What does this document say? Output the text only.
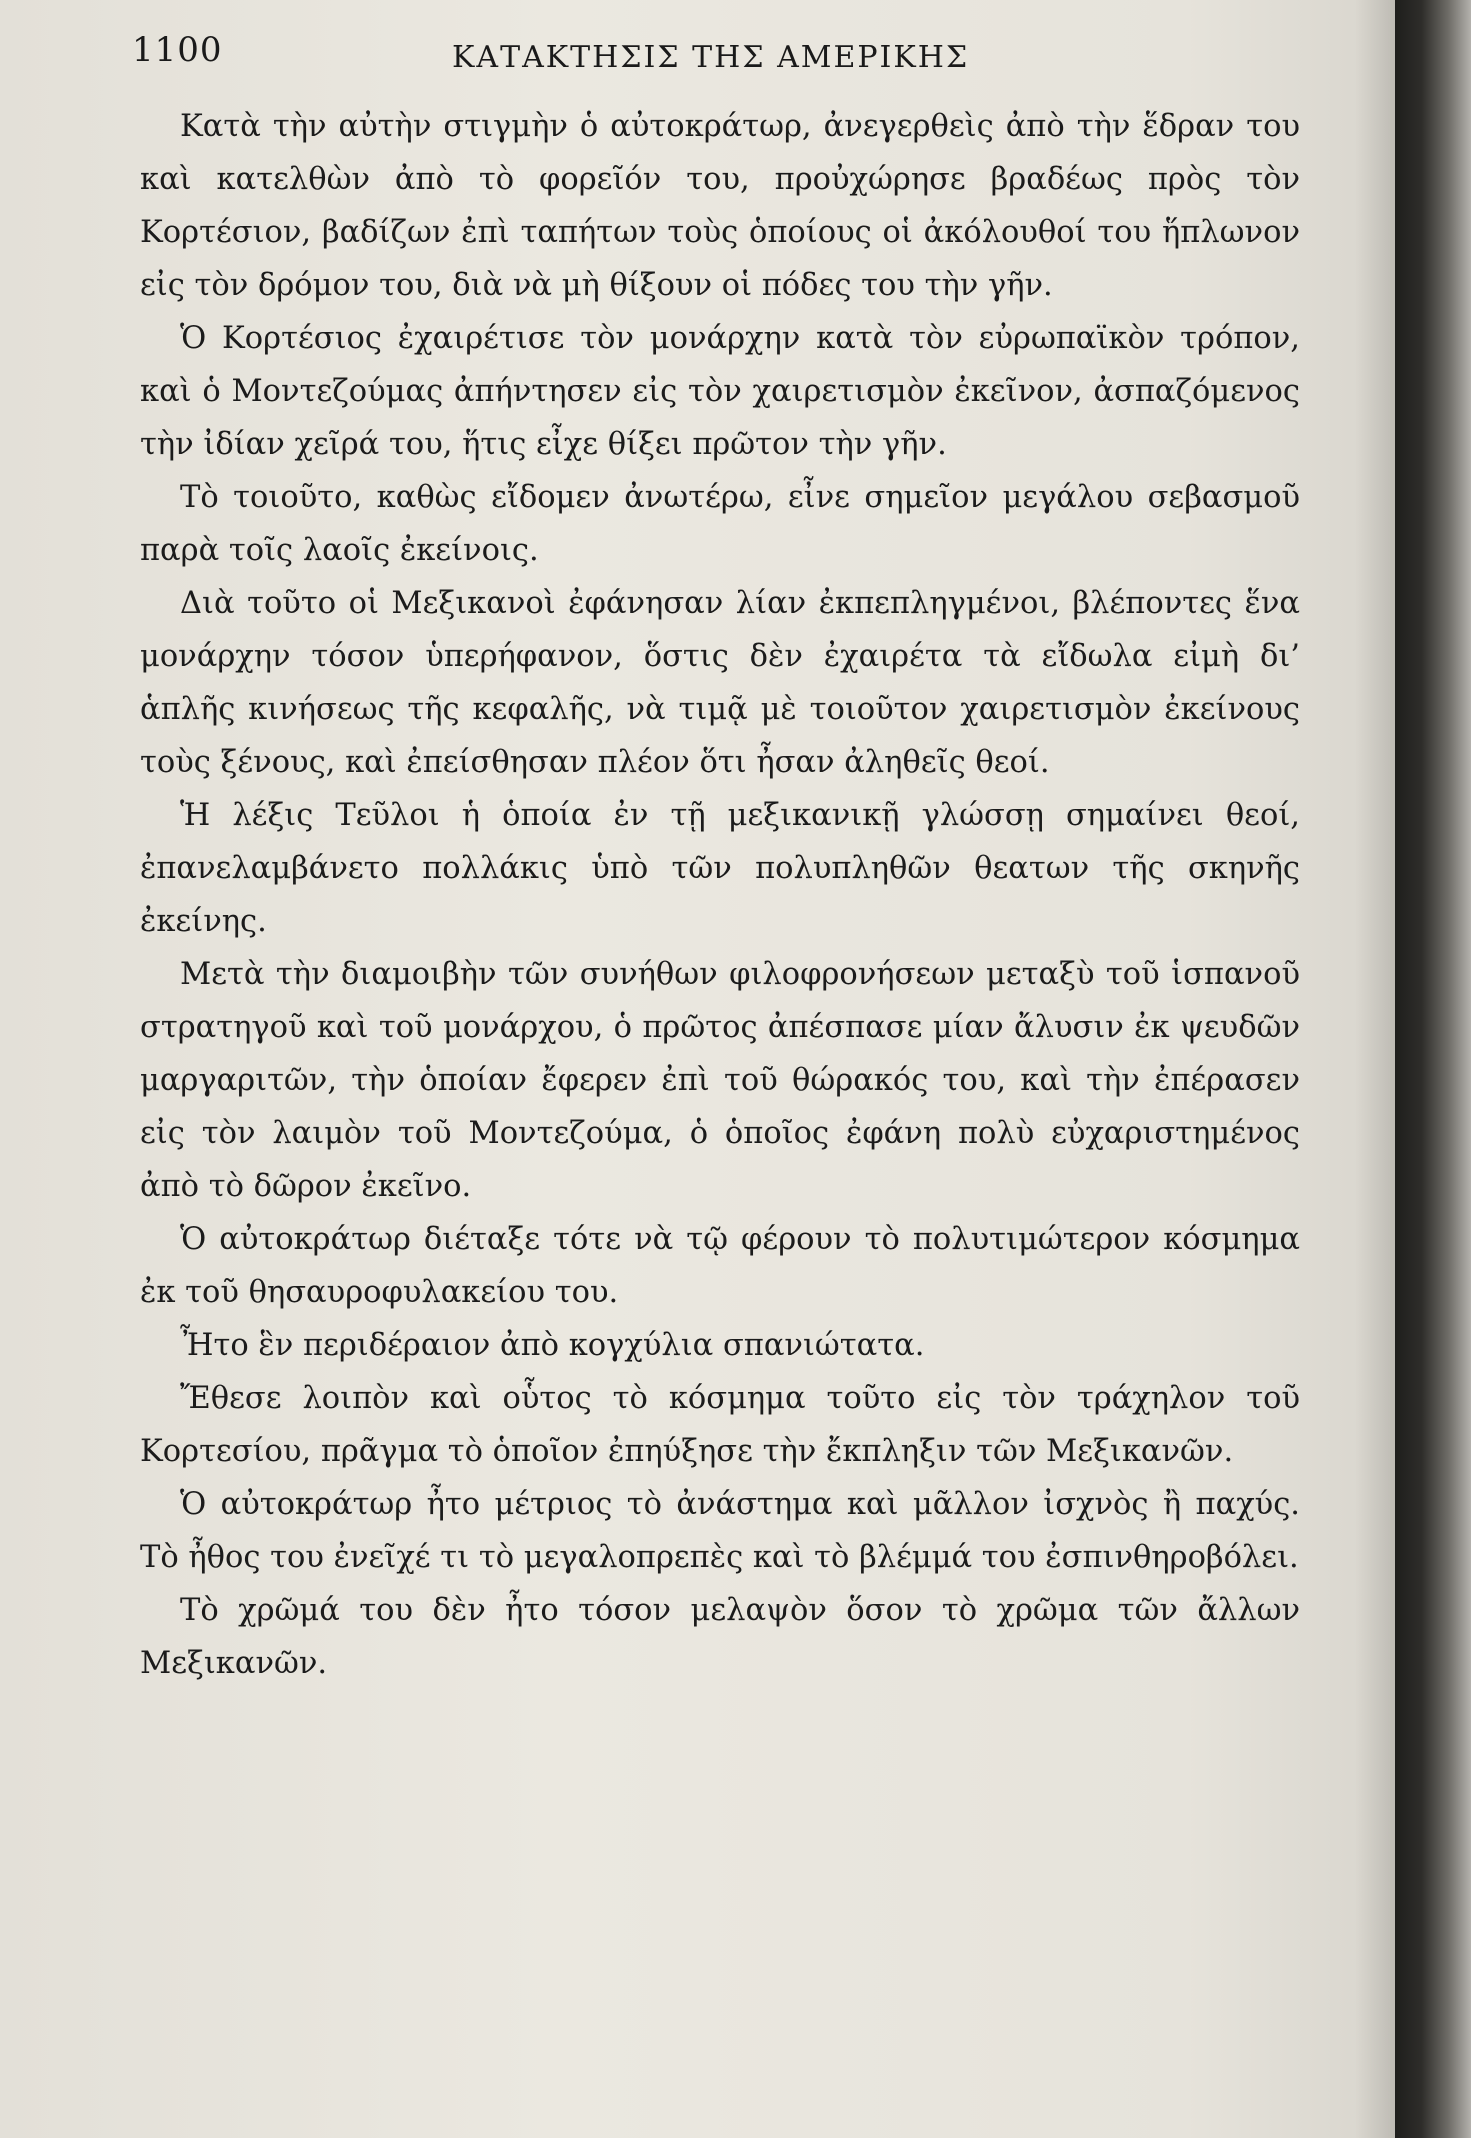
1100	ΚΑΤΑΚΤΗΣΙΣ ΤΗΣ ΑΜΕΡΙΚΗΣ

Κατὰ τὴν αὐτὴν στιγμὴν ὁ αὐτοκράτωρ, ἀνεγερθεὶς ἀπὸ τὴν ἕδραν του καὶ κατελθὼν ἀπὸ τὸ φορεῖόν του, προὐχώρησε βραδέως πρὸς τὸν Κορτέσιον, βαδίζων ἐπὶ ταπήτων τοὺς ὁποίους οἱ ἀκόλουθοί του ἥπλωνον εἰς τὸν δρόμον του, διὰ νὰ μὴ θίξουν οἱ πόδες του τὴν γῆν.

Ὁ Κορτέσιος ἐχαιρέτισε τὸν μονάρχην κατὰ τὸν εὐρωπαϊκὸν τρόπον, καὶ ὁ Μοντεζούμας ἀπήντησεν εἰς τὸν χαιρετισμὸν ἐκεῖνον, ἀσπαζόμενος τὴν ἰδίαν χεῖρά του, ἥτις εἶχε θίξει πρῶτον τὴν γῆν.

Τὸ τοιοῦτο, καθὼς εἴδομεν ἀνωτέρω, εἶνε σημεῖον μεγάλου σεβασμοῦ παρὰ τοῖς λαοῖς ἐκείνοις.

Διὰ τοῦτο οἱ Μεξικανοὶ ἐφάνησαν λίαν ἐκπεπληγμένοι, βλέποντες ἕνα μονάρχην τόσον ὑπερήφανον, ὅστις δὲν ἐχαιρέτα τὰ εἴδωλα εἰμὴ δι’ ἁπλῆς κινήσεως τῆς κεφαλῆς, νὰ τιμᾷ μὲ τοιοῦτον χαιρετισμὸν ἐκείνους τοὺς ξένους, καὶ ἐπείσθησαν πλέον ὅτι ἦσαν ἀληθεῖς θεοί.

Ἡ λέξις Τεῦλοι ἡ ὁποία ἐν τῇ μεξικανικῇ γλώσσῃ σημαίνει θεοί, ἐπανελαμβάνετο πολλάκις ὑπὸ τῶν πολυπληθῶν θεατων τῆς σκηνῆς ἐκείνης.

Μετὰ τὴν διαμοιβὴν τῶν συνήθων φιλοφρονήσεων μεταξὺ τοῦ ἱσπανοῦ στρατηγοῦ καὶ τοῦ μονάρχου, ὁ πρῶτος ἀπέσπασε μίαν ἄλυσιν ἐκ ψευδῶν μαργαριτῶν, τὴν ὁποίαν ἔφερεν ἐπὶ τοῦ θώρακός του, καὶ τὴν ἐπέρασεν εἰς τὸν λαιμὸν τοῦ Μοντεζούμα, ὁ ὁποῖος ἐφάνη πολὺ εὐχαριστημένος ἀπὸ τὸ δῶρον ἐκεῖνο.

Ὁ αὐτοκράτωρ διέταξε τότε νὰ τῷ φέρουν τὸ πολυτιμώτερον κόσμημα ἐκ τοῦ θησαυροφυλακείου του.

Ἦτο ἓν περιδέραιον ἀπὸ κογχύλια σπανιώτατα.

Ἔθεσε λοιπὸν καὶ οὗτος τὸ κόσμημα τοῦτο εἰς τὸν τράχηλον τοῦ Κορτεσίου, πρᾶγμα τὸ ὁποῖον ἐπηύξησε τὴν ἔκπληξιν τῶν Μεξικανῶν.

Ὁ αὐτοκράτωρ ἦτο μέτριος τὸ ἀνάστημα καὶ μᾶλλον ἰσχνὸς ἢ παχύς. Τὸ ἦθος του ἐνεῖχέ τι τὸ μεγαλοπρεπὲς καὶ τὸ βλέμμά του ἐσπινθηροβόλει.

Τὸ χρῶμά του δὲν ἦτο τόσον μελαψὸν ὅσον τὸ χρῶμα τῶν ἄλλων Μεξικανῶν.
